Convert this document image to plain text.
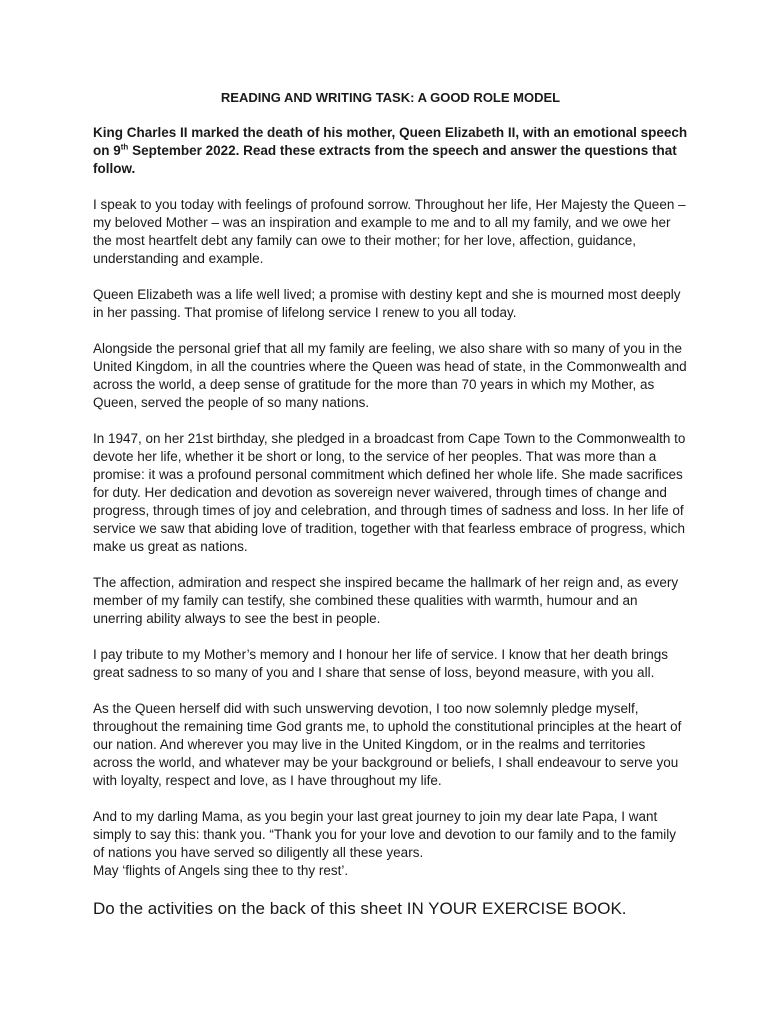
READING AND WRITING TASK: A GOOD ROLE MODEL
King Charles II marked the death of his mother, Queen Elizabeth II, with an emotional speech on 9th September 2022. Read these extracts from the speech and answer the questions that follow.
I speak to you today with feelings of profound sorrow. Throughout her life, Her Majesty the Queen – my beloved Mother – was an inspiration and example to me and to all my family, and we owe her the most heartfelt debt any family can owe to their mother; for her love, affection, guidance, understanding and example.
Queen Elizabeth was a life well lived; a promise with destiny kept and she is mourned most deeply in her passing. That promise of lifelong service I renew to you all today.
Alongside the personal grief that all my family are feeling, we also share with so many of you in the United Kingdom, in all the countries where the Queen was head of state, in the Commonwealth and across the world, a deep sense of gratitude for the more than 70 years in which my Mother, as Queen, served the people of so many nations.
In 1947, on her 21st birthday, she pledged in a broadcast from Cape Town to the Commonwealth to devote her life, whether it be short or long, to the service of her peoples. That was more than a promise: it was a profound personal commitment which defined her whole life. She made sacrifices for duty. Her dedication and devotion as sovereign never waivered, through times of change and progress, through times of joy and celebration, and through times of sadness and loss. In her life of service we saw that abiding love of tradition, together with that fearless embrace of progress, which make us great as nations.
The affection, admiration and respect she inspired became the hallmark of her reign and, as every member of my family can testify, she combined these qualities with warmth, humour and an unerring ability always to see the best in people.
I pay tribute to my Mother’s memory and I honour her life of service. I know that her death brings great sadness to so many of you and I share that sense of loss, beyond measure, with you all.
As the Queen herself did with such unswerving devotion, I too now solemnly pledge myself, throughout the remaining time God grants me, to uphold the constitutional principles at the heart of our nation. And wherever you may live in the United Kingdom, or in the realms and territories across the world, and whatever may be your background or beliefs, I shall endeavour to serve you with loyalty, respect and love, as I have throughout my life.
And to my darling Mama, as you begin your last great journey to join my dear late Papa, I want simply to say this: thank you. “Thank you for your love and devotion to our family and to the family of nations you have served so diligently all these years.
May ‘flights of Angels sing thee to thy rest’.
Do the activities on the back of this sheet IN YOUR EXERCISE BOOK.
